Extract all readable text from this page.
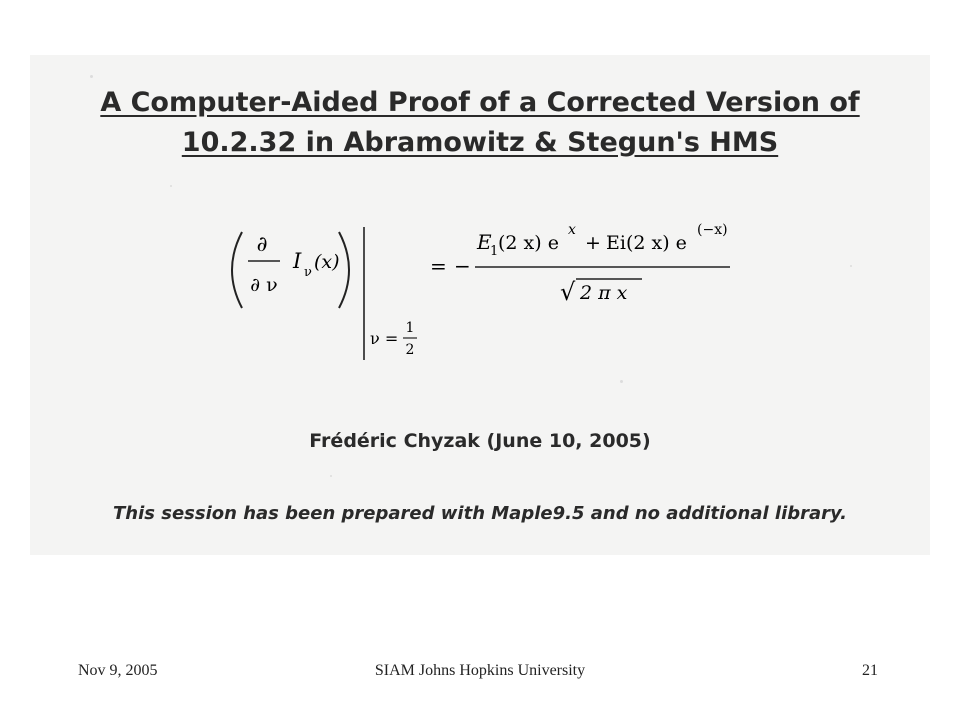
A Computer-Aided Proof of a Corrected Version of
10.2.32 in Abramowitz & Stegun's HMS
∂
∂ ν
I ν (x)
ν =
1
2
= −
E
1 (2 x) e
x
+ Ei(2 x) e
(−x)
√ 2 π x
Frédéric Chyzak (June 10, 2005)
This session has been prepared with Maple9.5 and no additional library.
Nov 9, 2005	SIAM Johns Hopkins University	21
